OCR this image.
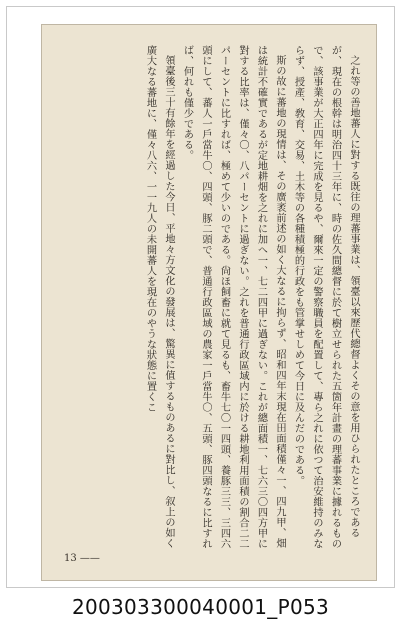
之れ等の善地蕃人に對する既往の理蕃事業は、領臺以來歷代總督よくその意を用ひられたところであるが、現在の根幹は明治四十三年に、時の佐久間總督に於て樹立せられた五箇年計畫の理蕃事業に據れるもので、該事業が大正四年に完成を見るや、爾來一定の警察職員を配置して、專ら之れに依つて治安維持のみならず、授產、敎育、交易、土木等の各種積極的行政をも管掌せしめて今日に及んだのである。

斯の故に蕃地の現情は、その廣袤前述の如く大なるに拘らず、昭和四年末現在田面積僅々一、四九甲、畑は統計不確實であるが定地耕畑を之れに加へ一、七二四甲に過ぎない。これが總面積一、七六三〇四方甲に對する比率は、僅々〇、八パーセントに過ぎない。之れを普通行政區域内に於ける耕地利用面積の割合二二パーセントに比すれば、極めて少いのである。尙ほ飼畜に就て見るも、畜牛七〇一四頭、養豚三三、三四六頭にして、蕃人一戶當牛〇、四頭、豚二頭で、普通行政區域の農家一戶當牛〇、五頭、豚四頭なるに比すれば、何れも僅少である。

領臺後三十有餘年を經過した今日、平地々方文化の發展は、驚異に值するものあるに對比し、叙上の如く廣大なる蕃地に、僅々八六、一一九人の未開蕃人を現在のやうな狀態に置くこ

13 ——
200303300040001_P053
